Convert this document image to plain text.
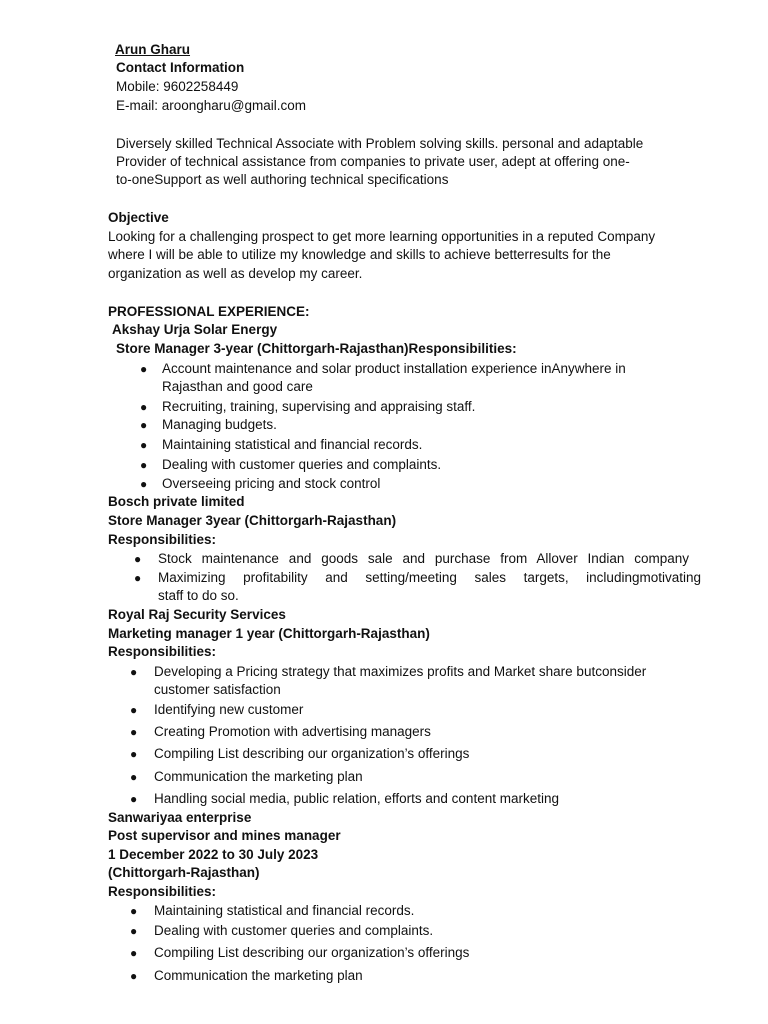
Arun Gharu
Contact Information
Mobile: 9602258449
E-mail: aroongharu@gmail.com
Diversely skilled Technical Associate with Problem solving skills. personal and adaptable
Provider of technical assistance from companies to private user, adept at offering one-
to-oneSupport as well authoring technical specifications
Objective
Looking for a challenging prospect to get more learning opportunities in a reputed Company
where I will be able to utilize my knowledge and skills to achieve betterresults for the
organization as well as develop my career.
PROFESSIONAL EXPERIENCE:
Akshay Urja Solar Energy
Store Manager 3-year (Chittorgarh-Rajasthan)Responsibilities:
● Account maintenance and solar product installation experience inAnywhere in
Rajasthan and good care
● Recruiting, training, supervising and appraising staff.
● Managing budgets.
● Maintaining statistical and financial records.
● Dealing with customer queries and complaints.
● Overseeing pricing and stock control
Bosch private limited
Store Manager 3year (Chittorgarh-Rajasthan)
Responsibilities:
● Stock maintenance and goods sale and purchase from Allover Indian company
● Maximizing profitability and setting/meeting sales targets, includingmotivating
staff to do so.
Royal Raj Security Services
Marketing manager 1 year (Chittorgarh-Rajasthan)
Responsibilities:
● Developing a Pricing strategy that maximizes profits and Market share butconsider
customer satisfaction
● Identifying new customer
● Creating Promotion with advertising managers
● Compiling List describing our organization’s offerings
● Communication the marketing plan
● Handling social media, public relation, efforts and content marketing
Sanwariyaa enterprise
Post supervisor and mines manager
1 December 2022 to 30 July 2023
(Chittorgarh-Rajasthan)
Responsibilities:
● Maintaining statistical and financial records.
● Dealing with customer queries and complaints.
● Compiling List describing our organization’s offerings
● Communication the marketing plan
